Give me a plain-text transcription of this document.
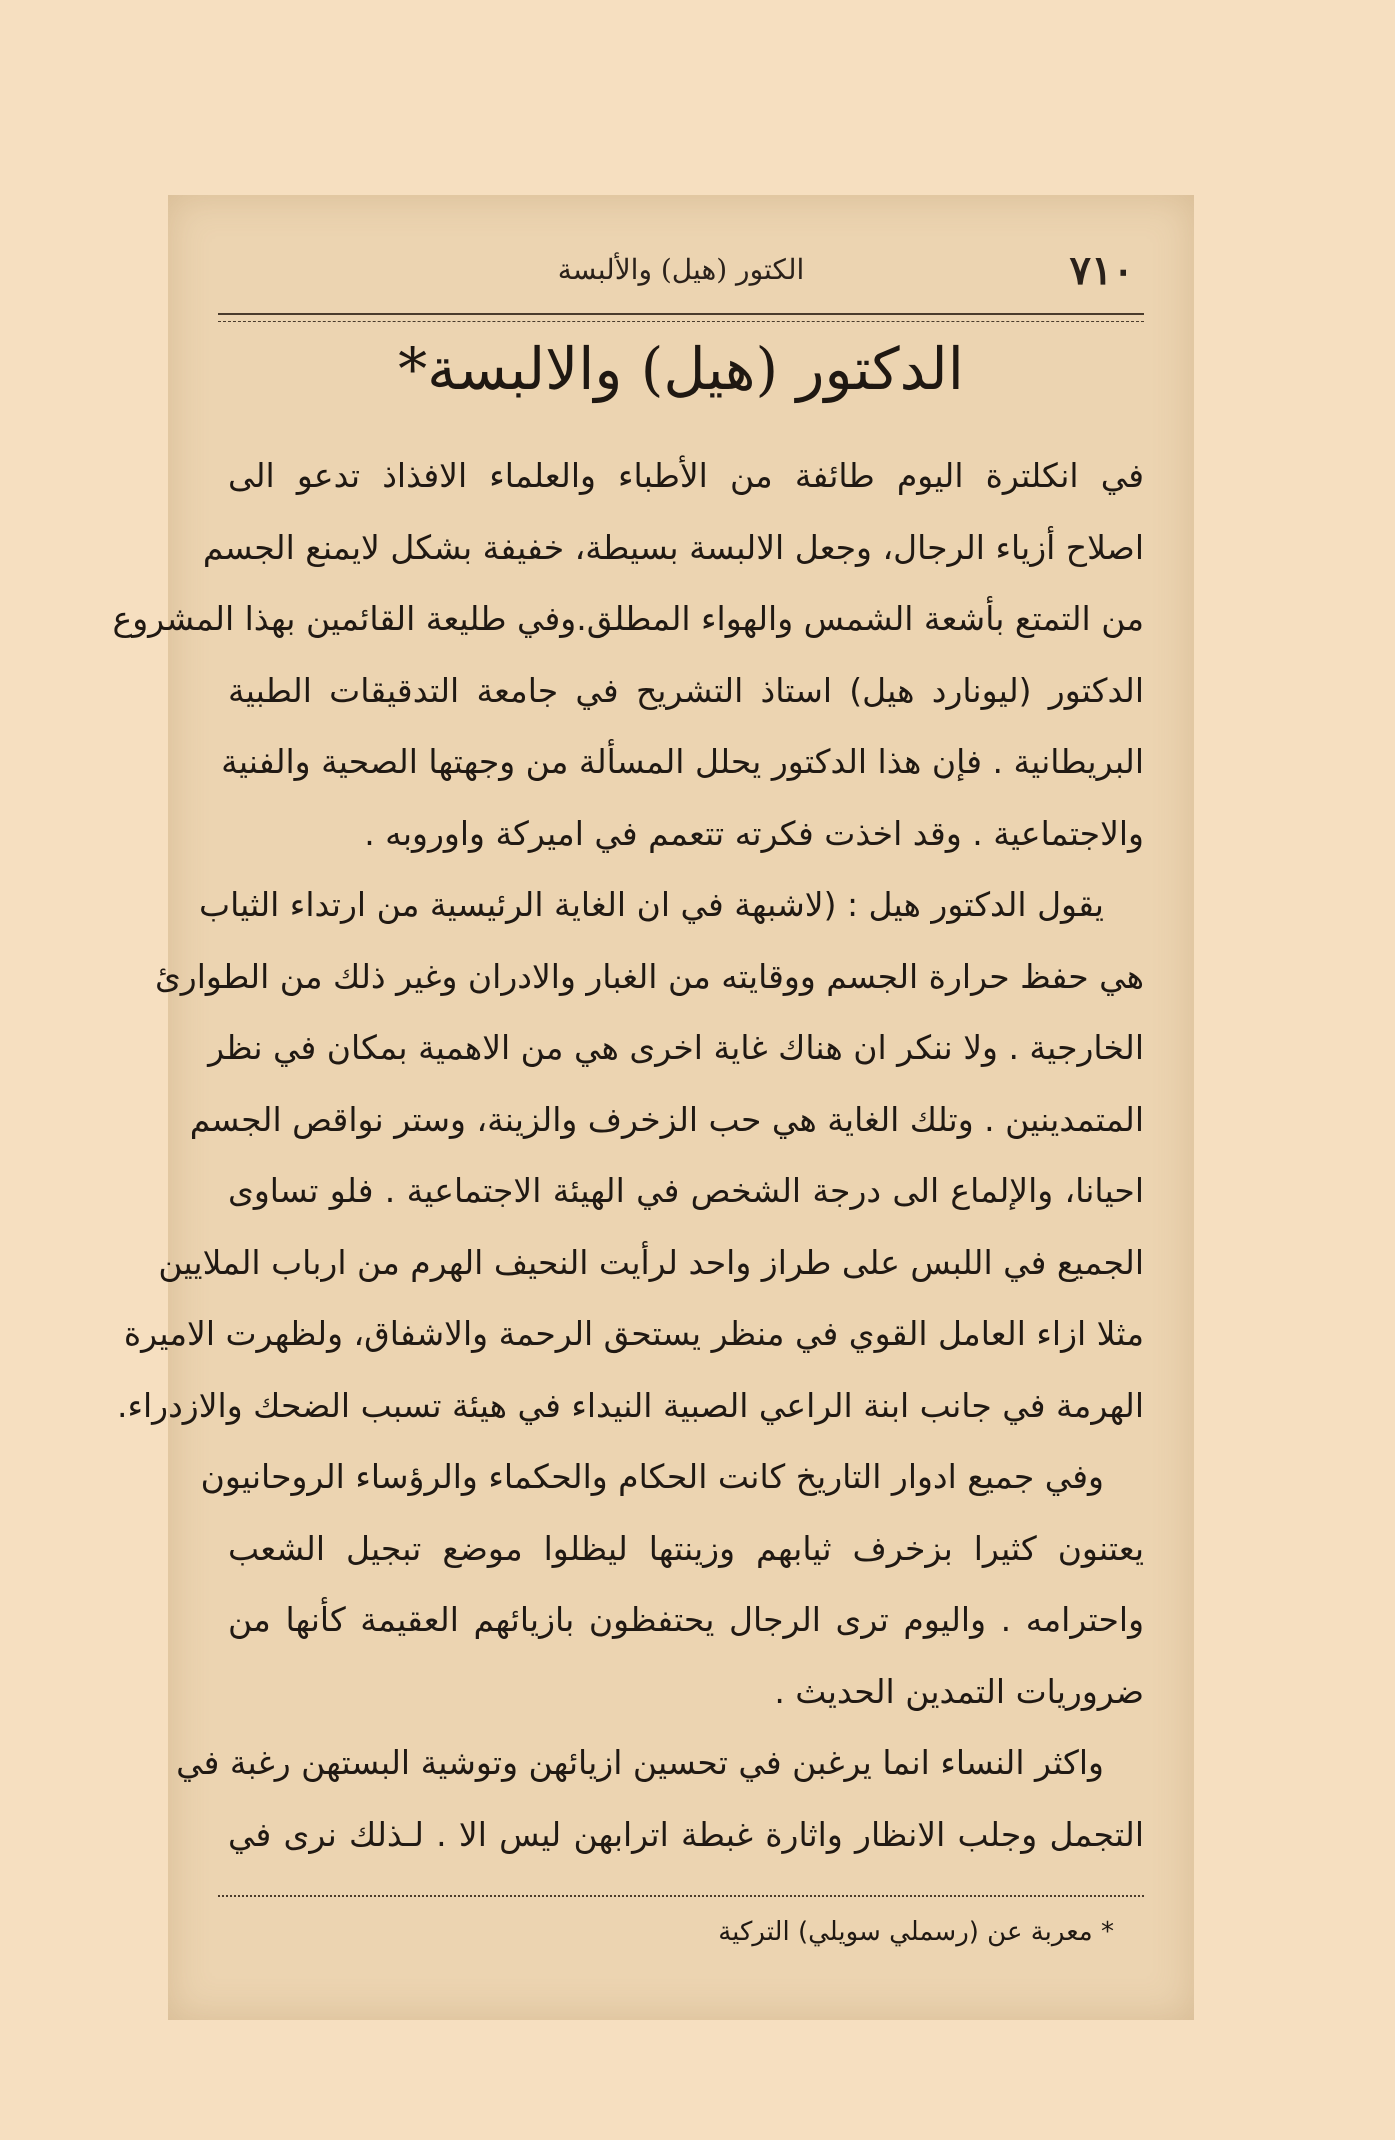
٧١٠
الكتور (هيل) والألبسة
الدكتور (هيل) والالبسة*
في انكلترة اليوم طائفة من الأطباء والعلماء الافذاذ تدعو الى
اصلاح أزياء الرجال، وجعل الالبسة بسيطة، خفيفة بشكل لايمنع الجسم
من التمتع بأشعة الشمس والهواء المطلق.وفي طليعة القائمين بهذا المشروع
الدكتور (ليونارد هيل) استاذ التشريح في جامعة التدقيقات الطبية
البريطانية . فإن هذا الدكتور يحلل المسألة من وجهتها الصحية والفنية
والاجتماعية . وقد اخذت فكرته تتعمم في اميركة واوروبه .
يقول الدكتور هيل : (لاشبهة في ان الغاية الرئيسية من ارتداء الثياب
هي حفظ حرارة الجسم ووقايته من الغبار والادران وغير ذلك من الطوارئ
الخارجية . ولا ننكر ان هناك غاية اخرى هي من الاهمية بمكان في نظر
المتمدينين . وتلك الغاية هي حب الزخرف والزينة، وستر نواقص الجسم
احيانا، والإلماع الى درجة الشخص في الهيئة الاجتماعية . فلو تساوى
الجميع في اللبس على طراز واحد لرأيت النحيف الهرم من ارباب الملايين
مثلا ازاء العامل القوي في منظر يستحق الرحمة والاشفاق، ولظهرت الاميرة
الهرمة في جانب ابنة الراعي الصبية النيداء في هيئة تسبب الضحك والازدراء.
وفي جميع ادوار التاريخ كانت الحكام والحكماء والرؤساء الروحانيون
يعتنون كثيرا بزخرف ثيابهم وزينتها ليظلوا موضع تبجيل الشعب
واحترامه . واليوم ترى الرجال يحتفظون بازيائهم العقيمة كأنها من
ضروريات التمدين الحديث .
واكثر النساء انما يرغبن في تحسين ازيائهن وتوشية البستهن رغبة في
التجمل وجلب الانظار واثارة غبطة اترابهن ليس الا . لـذلك نرى في
* معربة عن (رسملي سويلي) التركية
